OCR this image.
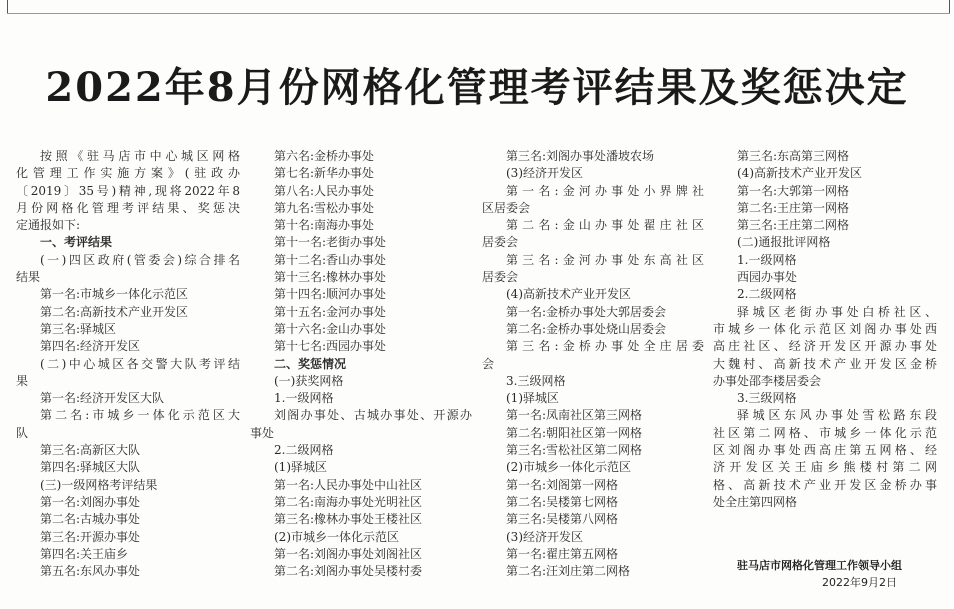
2022年8月份网格化管理考评结果及奖惩决定

按照《驻马店市中心城区网格

化管理工作实施方案》(驻政办

〔2019〕35号)精神,现将2022年8

月份网格化管理考评结果、奖惩决

定通报如下:

一、考评结果

(一)四区政府(管委会)综合排名

结果

第一名:市城乡一体化示范区

第二名:高新技术产业开发区

第三名:驿城区

第四名:经济开发区

(二)中心城区各交警大队考评结

果

第一名:经济开发区大队

第二名:市城乡一体化示范区大

队

第三名:高新区大队

第四名:驿城区大队

(三)一级网格考评结果

第一名:刘阁办事处

第二名:古城办事处

第三名:开源办事处

第四名:关王庙乡

第五名:东风办事处

第六名:金桥办事处

第七名:新华办事处

第八名:人民办事处

第九名:雪松办事处

第十名:南海办事处

第十一名:老街办事处

第十二名:香山办事处

第十三名:橡林办事处

第十四名:顺河办事处

第十五名:金河办事处

第十六名:金山办事处

第十七名:西园办事处

二、奖惩情况

(一)获奖网格

1.一级网格

刘阁办事处、古城办事处、开源办

事处

2.二级网格

(1)驿城区

第一名:人民办事处中山社区

第二名:南海办事处光明社区

第三名:橡林办事处王楼社区

(2)市城乡一体化示范区

第一名:刘阁办事处刘阁社区

第二名:刘阁办事处吴楼村委

第三名:刘阁办事处潘坡农场

(3)经济开发区

第一名:金河办事处小界牌社

区居委会

第二名:金山办事处翟庄社区

居委会

第三名:金河办事处东高社区

居委会

(4)高新技术产业开发区

第一名:金桥办事处大郭居委会

第二名:金桥办事处烧山居委会

第三名:金桥办事处全庄居委

会

3.三级网格

(1)驿城区

第一名:凤南社区第三网格

第二名:朝阳社区第一网格

第三名:雪松社区第二网格

(2)市城乡一体化示范区

第一名:刘阁第一网格

第二名:吴楼第七网格

第三名:吴楼第八网格

(3)经济开发区

第一名:翟庄第五网格

第二名:汪刘庄第二网格

第三名:东高第三网格

(4)高新技术产业开发区

第一名:大郭第一网格

第二名:王庄第一网格

第三名:王庄第二网格

(二)通报批评网格

1.一级网格

西园办事处

2.二级网格

驿城区老街办事处白桥社区、

市城乡一体化示范区刘阁办事处西

高庄社区、经济开发区开源办事处

大魏村、高新技术产业开发区金桥

办事处邵李楼居委会

3.三级网格

驿城区东风办事处雪松路东段

社区第二网格、市城乡一体化示范

区刘阁办事处西高庄第五网格、经

济开发区关王庙乡熊楼村第二网

格、高新技术产业开发区金桥办事

处全庄第四网格

驻马店市网格化管理工作领导小组
2022年9月2日
